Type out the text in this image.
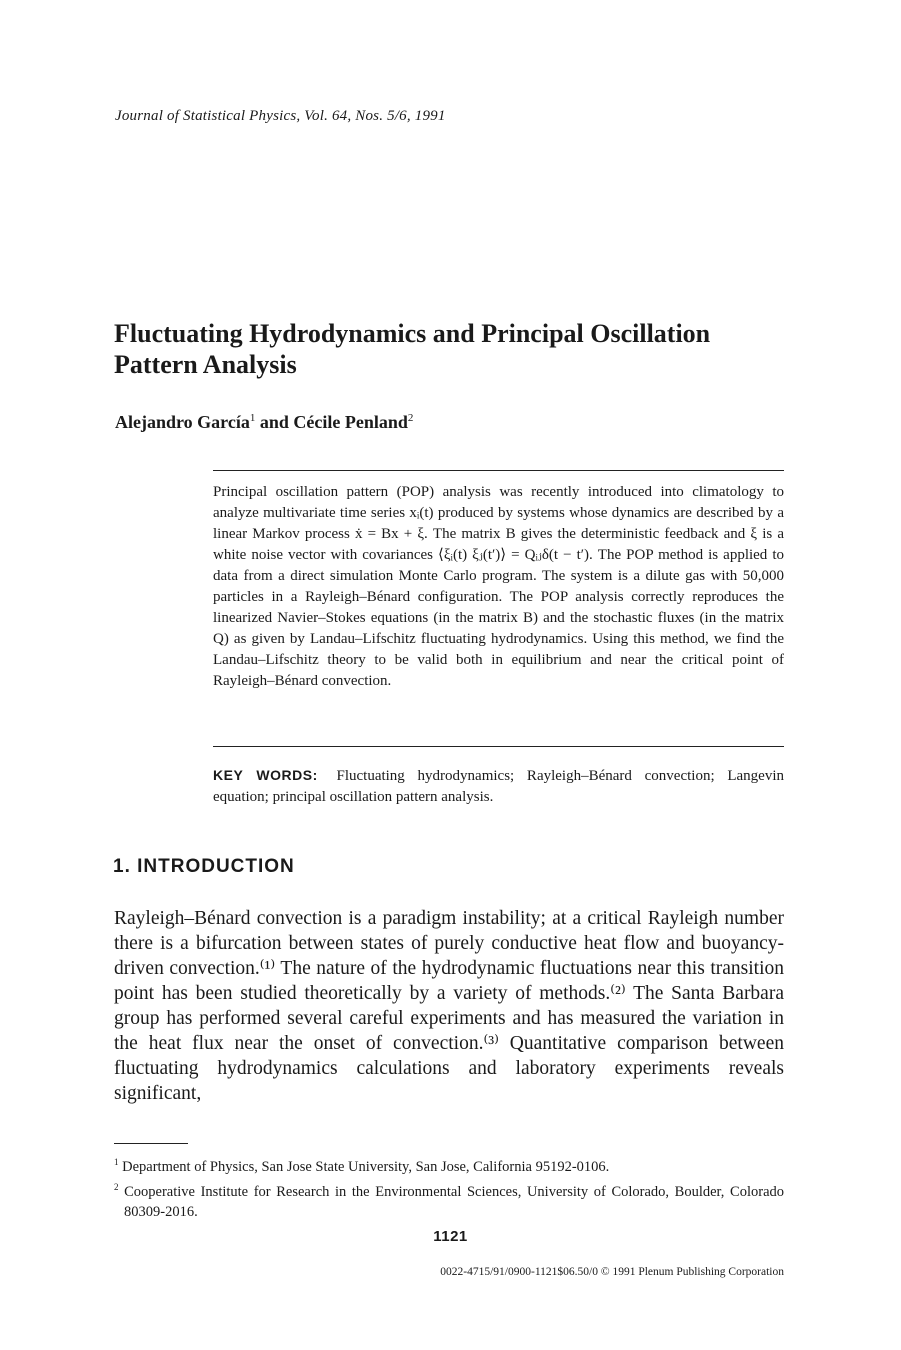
Journal of Statistical Physics, Vol. 64, Nos. 5/6, 1991
Fluctuating Hydrodynamics and Principal Oscillation Pattern Analysis
Alejandro García$^1$ and Cécile Penland$^2$
Principal oscillation pattern (POP) analysis was recently introduced into climatology to analyze multivariate time series xᵢ(t) produced by systems whose dynamics are described by a linear Markov process ẋ = Bx + ξ. The matrix B gives the deterministic feedback and ξ is a white noise vector with covariances ⟨ξᵢ(t) ξⱼ(t′)⟩ = Qᵢⱼδ(t − t′). The POP method is applied to data from a direct simulation Monte Carlo program. The system is a dilute gas with 50,000 particles in a Rayleigh–Bénard configuration. The POP analysis correctly reproduces the linearized Navier–Stokes equations (in the matrix B) and the stochastic fluxes (in the matrix Q) as given by Landau–Lifschitz fluctuating hydrodynamics. Using this method, we find the Landau–Lifschitz theory to be valid both in equilibrium and near the critical point of Rayleigh–Bénard convection.
KEY WORDS: Fluctuating hydrodynamics; Rayleigh–Bénard convection; Langevin equation; principal oscillation pattern analysis.
1. INTRODUCTION
Rayleigh–Bénard convection is a paradigm instability; at a critical Rayleigh number there is a bifurcation between states of purely conductive heat flow and buoyancy-driven convection.⁽¹⁾ The nature of the hydrodynamic fluctuations near this transition point has been studied theoretically by a variety of methods.⁽²⁾ The Santa Barbara group has performed several careful experiments and has measured the variation in the heat flux near the onset of convection.⁽³⁾ Quantitative comparison between fluctuating hydrodynamics calculations and laboratory experiments reveals significant,
$^1$ Department of Physics, San Jose State University, San Jose, California 95192-0106.
$^2$ Cooperative Institute for Research in the Environmental Sciences, University of Colorado, Boulder, Colorado 80309-2016.
1121
0022-4715/91/0900-1121$06.50/0 © 1991 Plenum Publishing Corporation
